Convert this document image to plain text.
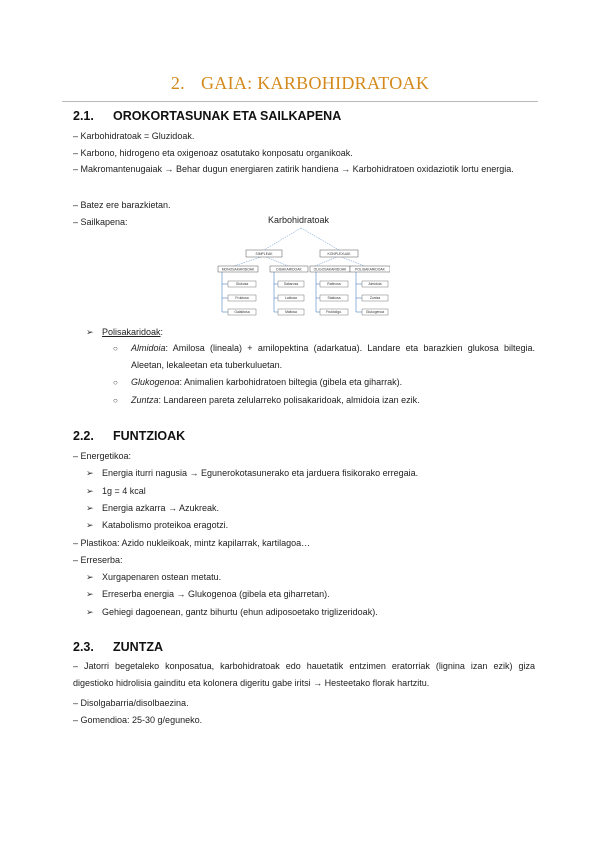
2. GAIA: KARBOHIDRATOAK
2.1. OROKORTASUNAK ETA SAILKAPENA
– Karbohidratoak = Gluzidoak.
– Karbono, hidrogeno eta oxigenoaz osatutako konposatu organikoak.
– Makromantenugaiak → Behar dugun energiaren zatirik handiena → Karbohidratoen oxidaziotik lortu energia.
– Batez ere barazkietan.
– Sailkapena:	Karbohidratoak
SIMPLEAK	KONPLEXUAK
MONOSAKARIDOAK	DISAKARIDOAK	OLIGOSAKARIDOAK	POLISAKARIDOAK
Glukosa
Fruktosa
Galaktosa
Sakarosa
Laktosa
Maltosa
Rafinosa
Stakiosa
Fruktoligo.
Almidoia
Zuntza
Glukogenoa
➢ Polisakaridoak:
○ Almidoia: Amilosa (lineala) + amilopektina (adarkatua). Landare eta barazkien glukosa biltegia. Aleetan, lekaleetan eta tuberkuluetan.
○ Glukogenoa: Animalien karbohidratoen biltegia (gibela eta giharrak).
○ Zuntza: Landareen pareta zelularreko polisakaridoak, almidoia izan ezik.
2.2. FUNTZIOAK
– Energetikoa:
➢ Energia iturri nagusia → Egunerokotasunerako eta jarduera fisikorako erregaia.
➢ 1g = 4 kcal
➢ Energia azkarra → Azukreak.
➢ Katabolismo proteikoa eragotzi.
– Plastikoa: Azido nukleikoak, mintz kapilarrak, kartilagoa…
– Erreserba:
➢ Xurgapenaren ostean metatu.
➢ Erreserba energia → Glukogenoa (gibela eta giharretan).
➢ Gehiegi dagoenean, gantz bihurtu (ehun adiposoetako triglizeridoak).
2.3. ZUNTZA
– Jatorri begetaleko konposatua, karbohidratoak edo hauetatik entzimen eratorriak (lignina izan ezik) giza digestioko hidrolisia gainditu eta kolonera digeritu gabe iritsi → Hesteetako florak hartzitu.
– Disolgabarria/disolbaezina.
– Gomendioa: 25-30 g/eguneko.
